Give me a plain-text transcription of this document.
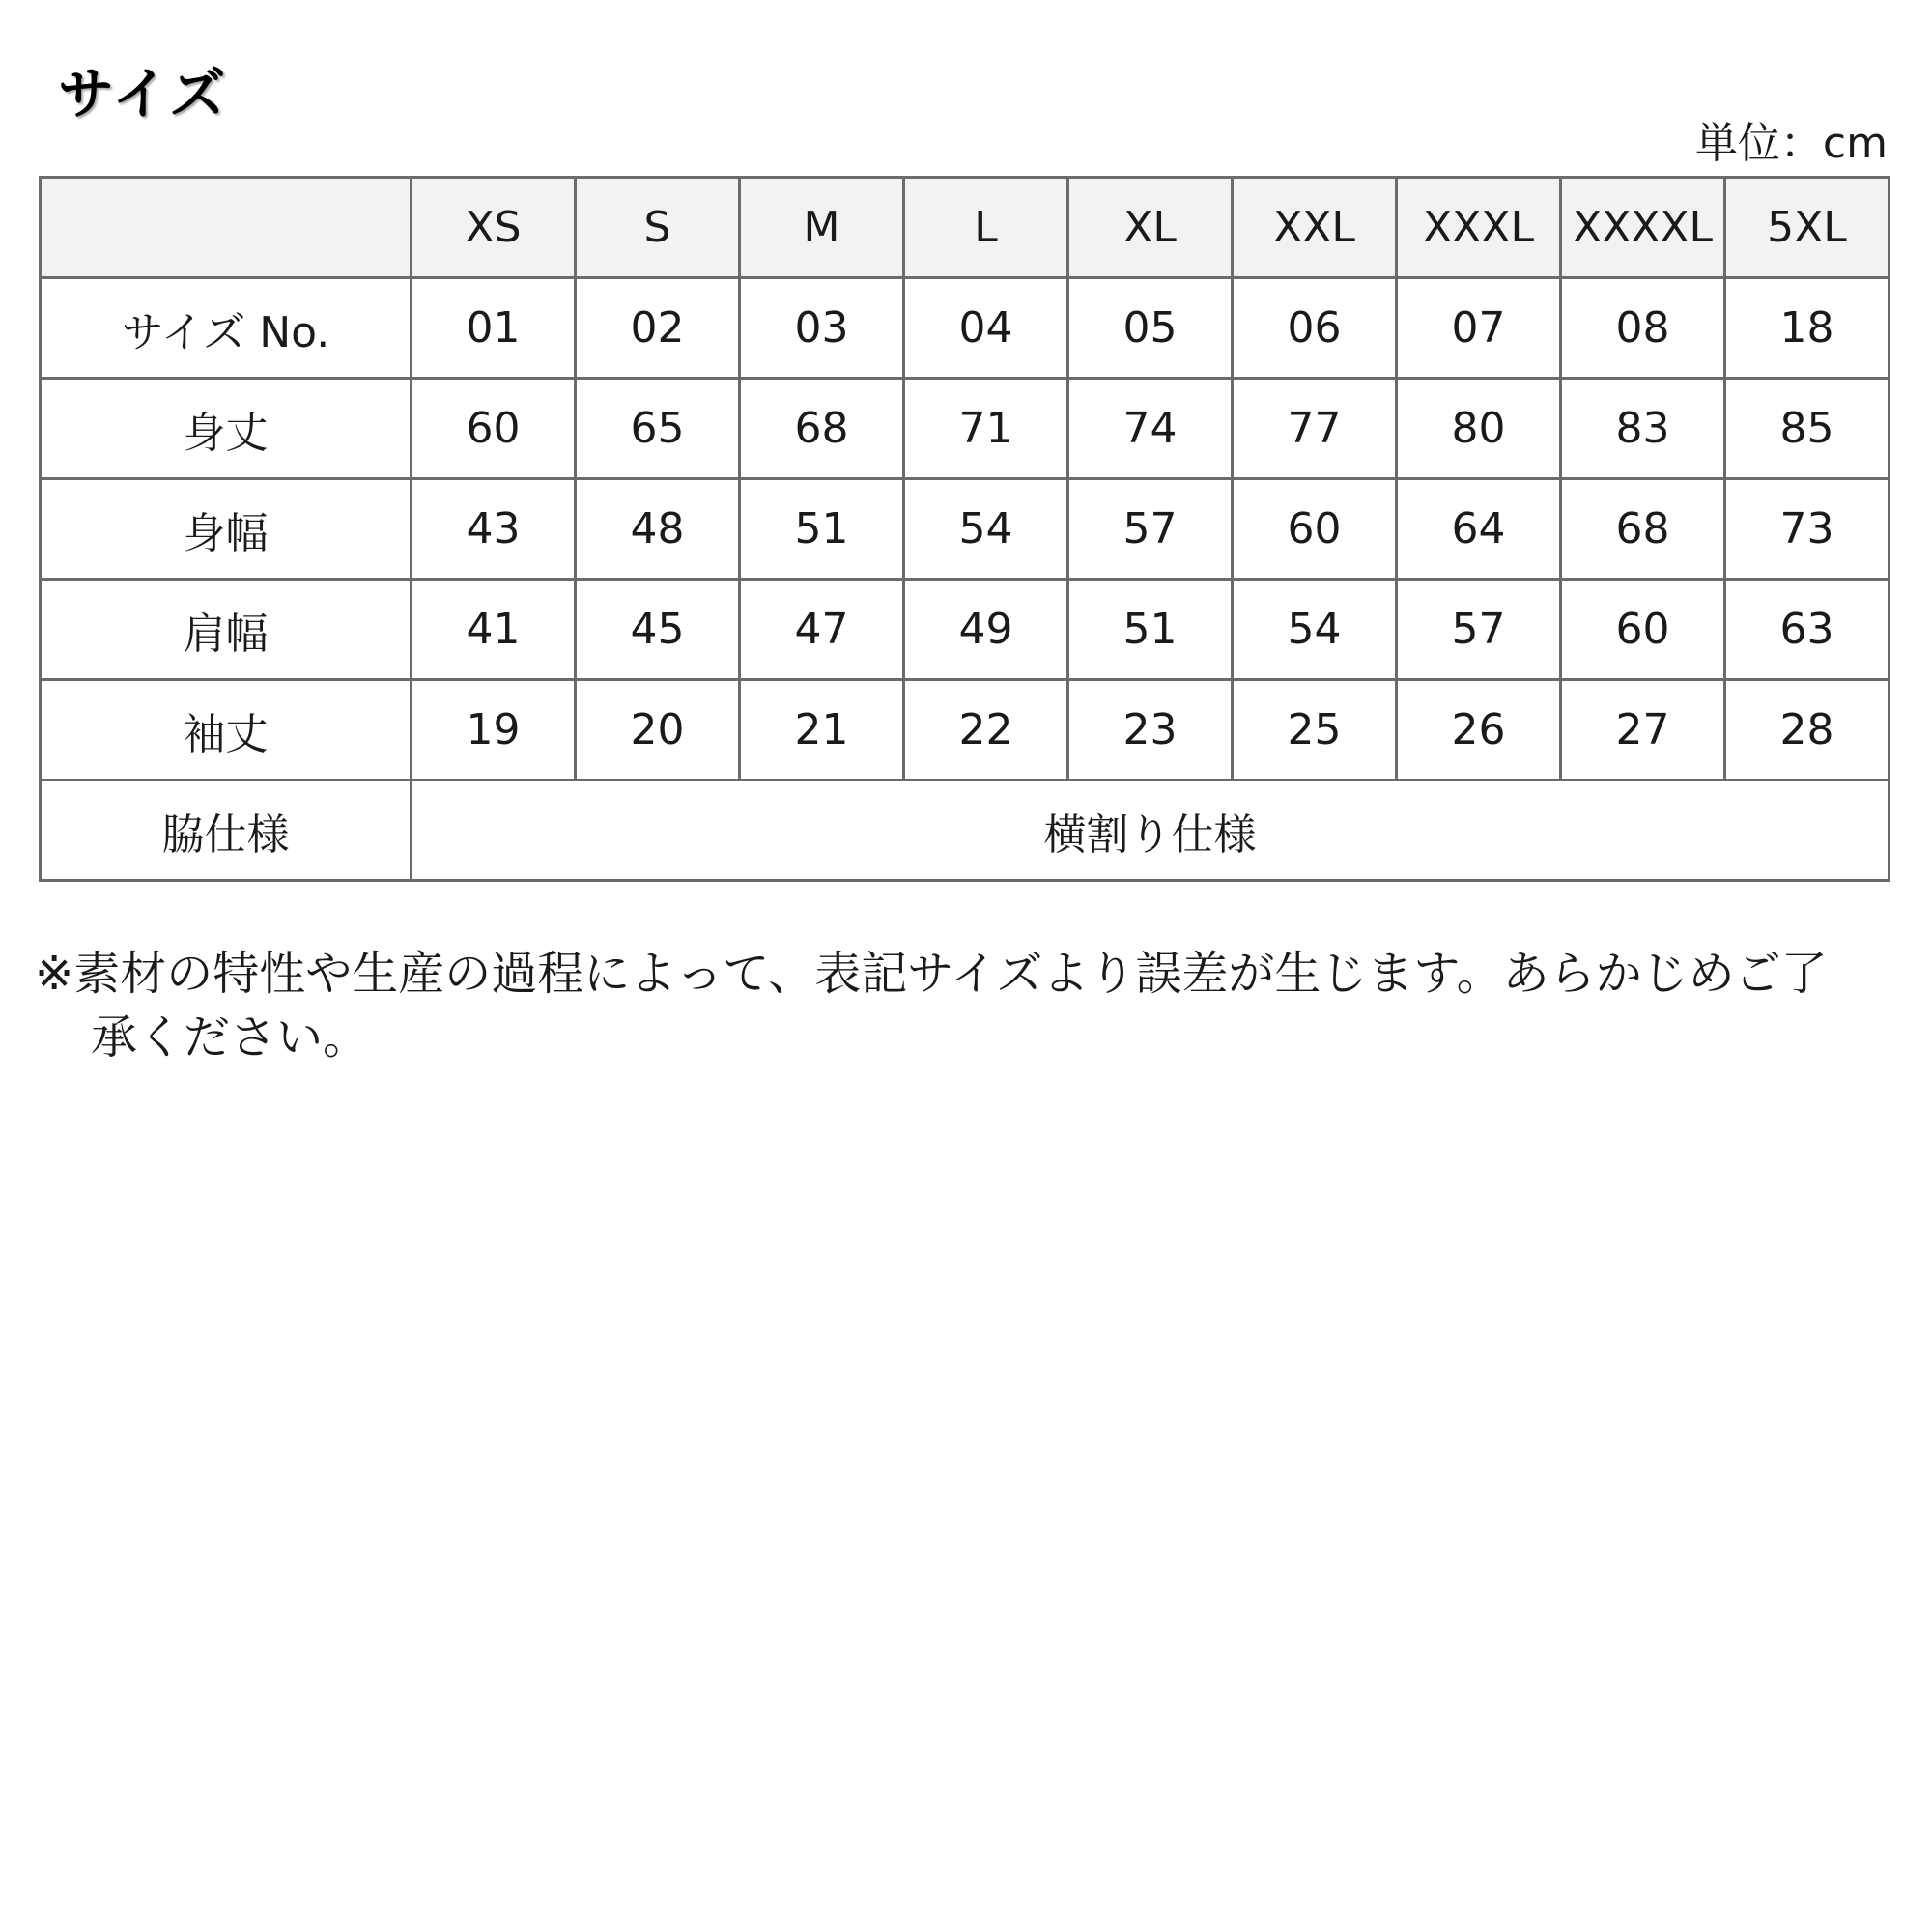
サイズ
単位：cm
	XS	S	M	L	XL	XXL	XXXL	XXXXL	5XL
サイズ No.	01	02	03	04	05	06	07	08	18
身丈	60	65	68	71	74	77	80	83	85
身幅	43	48	51	54	57	60	64	68	73
肩幅	41	45	47	49	51	54	57	60	63
袖丈	19	20	21	22	23	25	26	27	28
脇仕様	横割り仕様								
※素材の特性や生産の過程によって、表記サイズより誤差が生じます。あらかじめご了承ください。
